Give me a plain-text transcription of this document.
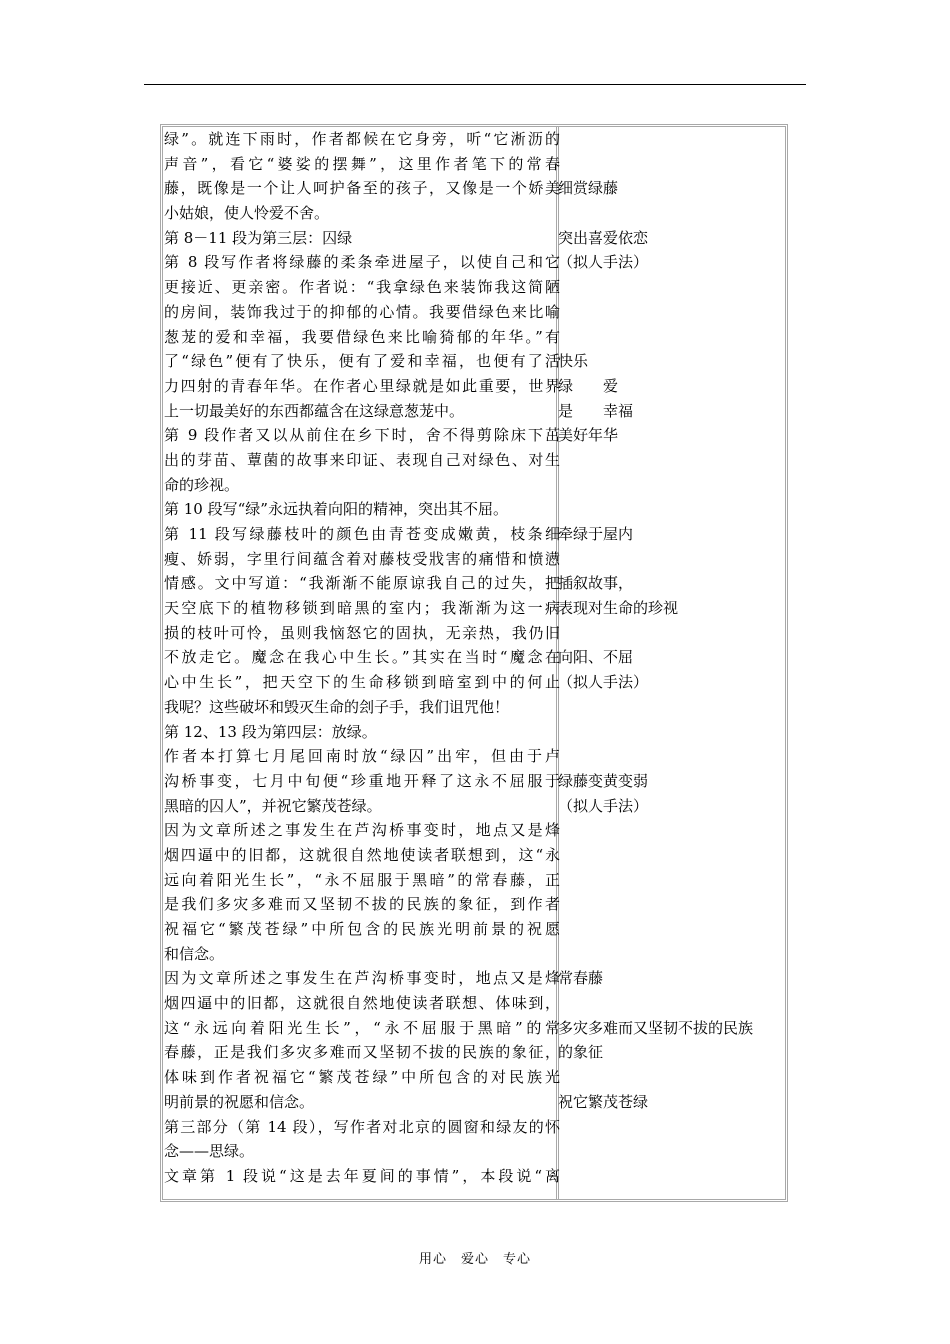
绿”。就连下雨时，作者都候在它身旁，听“它淅沥的
声音”，看它“婆娑的摆舞”，这里作者笔下的常春
藤，既像是一个让人呵护备至的孩子，又像是一个娇美
小姑娘，使人怜爱不舍。
第 8－11 段为第三层：囚绿
第 8 段写作者将绿藤的柔条牵进屋子，以使自己和它
更接近、更亲密。作者说：“我拿绿色来装饰我这简陋
的房间，装饰我过于的抑郁的心情。我要借绿色来比喻
葱茏的爱和幸福，我要借绿色来比喻猗郁的年华。”有
了“绿色”便有了快乐，便有了爱和幸福，也便有了活
力四射的青春年华。在作者心里绿就是如此重要，世界
上一切最美好的东西都蕴含在这绿意葱茏中。
第 9 段作者又以从前住在乡下时，舍不得剪除床下茁
出的芽苗、蕈菌的故事来印证、表现自己对绿色、对生
命的珍视。
第 10 段写“绿”永远执着向阳的精神，突出其不屈。
第 11 段写绿藤枝叶的颜色由青苍变成嫩黄，枝条细
瘦、娇弱，字里行间蕴含着对藤枝受戕害的痛惜和愤懑
情感。文中写道：“我渐渐不能原谅我自己的过失，把
天空底下的植物移锁到暗黑的室内；我渐渐为这一病
损的枝叶可怜，虽则我恼怒它的固执，无亲热，我仍旧
不放走它。魔念在我心中生长。”其实在当时“魔念在
心中生长”，把天空下的生命移锁到暗室到中的何止
我呢？这些破坏和毁灭生命的刽子手，我们诅咒他！
第 12、13 段为第四层：放绿。
作者本打算七月尾回南时放“绿囚”出牢，但由于卢
沟桥事变，七月中旬便“珍重地开释了这永不屈服于
黑暗的囚人”，并祝它繁茂苍绿。
因为文章所述之事发生在芦沟桥事变时，地点又是烽
烟四逼中的旧都，这就很自然地使读者联想到，这“永
远向着阳光生长”，“永不屈服于黑暗”的常春藤，正
是我们多灾多难而又坚韧不拔的民族的象征，到作者
祝福它“繁茂苍绿”中所包含的民族光明前景的祝愿
和信念。
因为文章所述之事发生在芦沟桥事变时，地点又是烽
烟四逼中的旧都，这就很自然地使读者联想、体味到，
这“永远向着阳光生长”，“永不屈服于黑暗”的常
春藤，正是我们多灾多难而又坚韧不拔的民族的象征，
体味到作者祝福它“繁茂苍绿”中所包含的对民族光
明前景的祝愿和信念。
第三部分（第 14 段），写作者对北京的圆窗和绿友的怀
念——思绿。
文章第 1 段说“这是去年夏间的事情”，本段说“离
细赏绿藤
突出喜爱依恋
（拟人手法）
快乐
绿　　爱
是　　幸福
美好年华
牵绿于屋内
插叙故事，
表现对生命的珍视
向阳、不屈
（拟人手法）
绿藤变黄变弱
（拟人手法）
常春藤
多灾多难而又坚韧不拔的民族
的象征
祝它繁茂苍绿
用心　爱心　专心
